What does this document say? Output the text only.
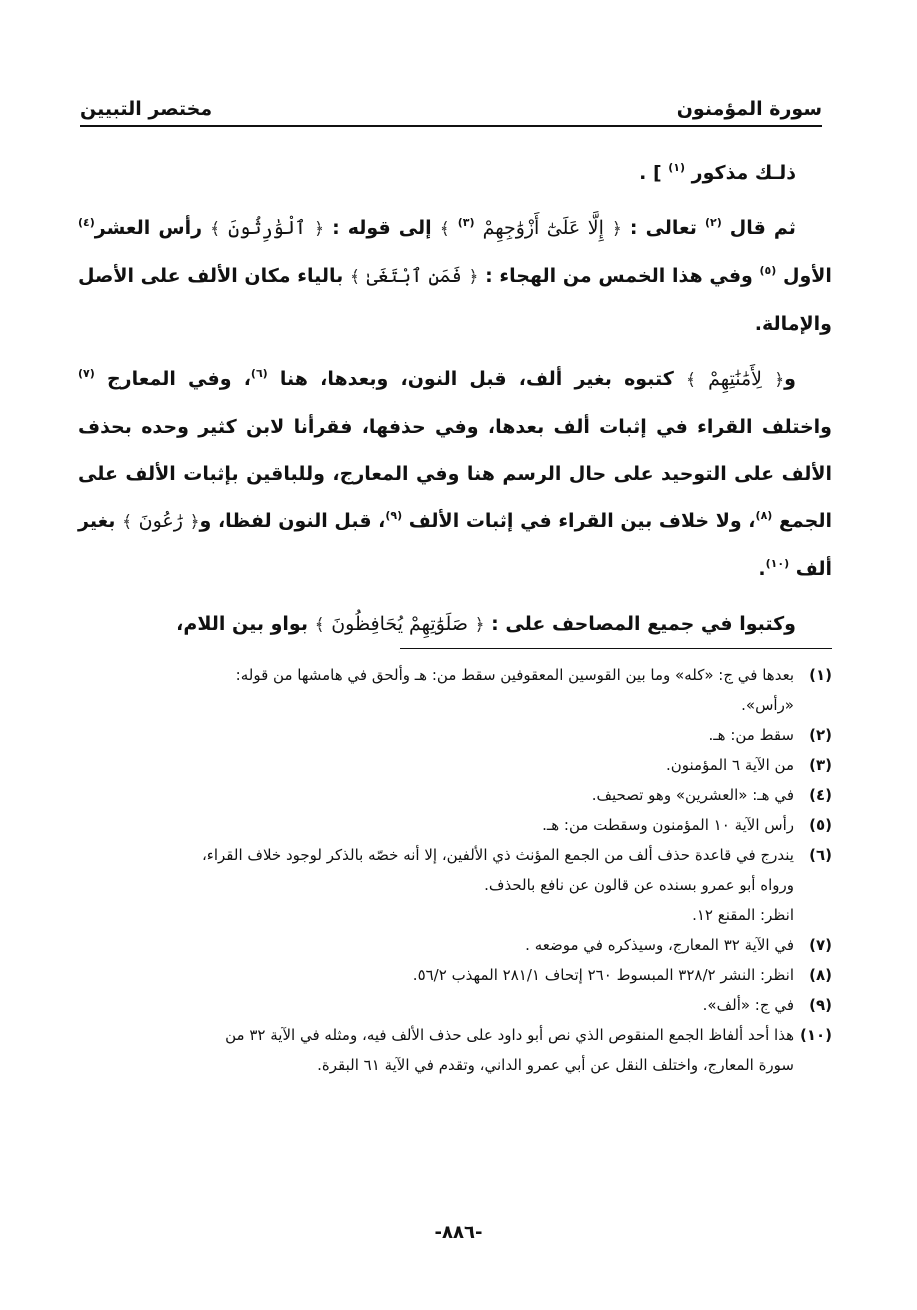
سورة المؤمنون
مختصر التبيين

ذلـك مذكور $^{(١)}$ ] .

ثم قال $^{(٢)}$ تعالى : ﴿ إِلَّا عَلَىٰٓ أَزْوَٰجِهِمْ $^{(٣)}$ ﴾ إلى قوله : ﴿ ٱلْوَٰرِثُونَ ﴾ رأس العشر$^{(٤)}$ الأول $^{(٥)}$ وفي هذا الخمس من الهجاء : ﴿ فَمَنِ ٱبْتَغَىٰ ﴾ بالياء مكان الألف على الأصل والإمالة.

و﴿ لِأَمَٰنَٰتِهِمْ ﴾ كتبوه بغير ألف، قبل النون، وبعدها، هنا $^{(٦)}$، وفي المعارج $^{(٧)}$ واختلف القراء في إثبات ألف بعدها، وفي حذفها، فقرأنا لابن كثير وحده بحذف الألف على التوحيد على حال الرسم هنا وفي المعارج، وللباقين بإثبات الألف على الجمع $^{(٨)}$، ولا خلاف بين القراء في إثبات الألف $^{(٩)}$، قبل النون لفظا، و﴿ رَٰعُونَ ﴾ بغير ألف $^{(١٠)}$.

وكتبوا في جميع المصاحف على : ﴿ صَلَوَٰتِهِمْ يُحَافِظُونَ ﴾ بواو بين اللام،

(١)
بعدها في ج: «كله» وما بين القوسين المعقوفين سقط من: هـ وألحق في هامشها من قوله:
«رأس».
(٢)
سقط من: هـ.
(٣)
من الآية ٦ المؤمنون.
(٤)
في هـ: «العشرين» وهو تصحيف.
(٥)
رأس الآية ١٠ المؤمنون وسقطت من: هـ.
(٦)
يندرج في قاعدة حذف ألف من الجمع المؤنث ذي الألفين، إلا أنه خصّه بالذكر لوجود خلاف القراء،
ورواه أبو عمرو بسنده عن قالون عن نافع بالحذف.
انظر: المقنع ١٢.
(٧)
في الآية ٣٢ المعارج، وسيذكره في موضعه .
(٨)
انظر: النشر ٣٢٨/٢ المبسوط ٢٦٠ إتحاف ٢٨١/١ المهذب ٥٦/٢.
(٩)
في ج: «ألف».
(١٠)
هذا أحد ألفاظ الجمع المنقوص الذي نص أبو داود على حذف الألف فيه، ومثله في الآية ٣٢ من
سورة المعارج، واختلف النقل عن أبي عمرو الداني، وتقدم في الآية ٦١ البقرة.
-٨٨٦-
